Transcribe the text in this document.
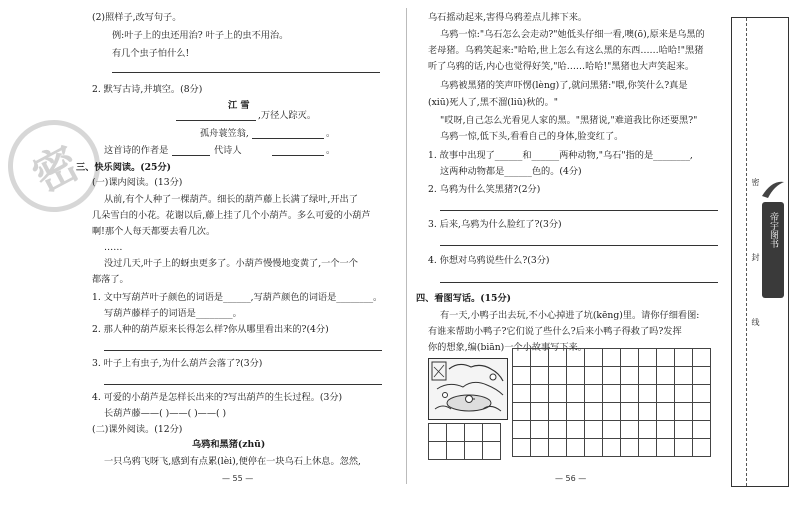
密
(2)照样子,改写句子。
例:叶子上的虫还用治? 叶子上的虫不用治。
有几个虫子怕什么!
2. 默写古诗,并填空。(8分)
江 雪
,万径人踪灭。
孤舟蓑笠翁,	。
这首诗的作者是	代诗人	。
三、快乐阅读。(25分)
(一)课内阅读。(13分)
从前,有个人种了一棵葫芦。细长的葫芦藤上长满了绿叶,开出了
几朵雪白的小花。花谢以后,藤上挂了几个小葫芦。多么可爱的小葫芦
啊!那个人每天都要去看几次。
……
没过几天,叶子上的蚜虫更多了。小葫芦慢慢地变黄了,一个一个
都落了。
1. 文中写葫芦叶子颜色的词语是______,写葫芦颜色的词语是________。
写葫芦藤样子的词语是________。
2. 那人种的葫芦原来长得怎么样?你从哪里看出来的?(4分)
3. 叶子上有虫子,为什么葫芦会落了?(3分)
4. 可爱的小葫芦是怎样长出来的?写出葫芦的生长过程。(3分)
长葫芦藤——( )——( )——( )
(二)课外阅读。(12分)
乌鸦和黑猪(zhū)
一只乌鸦飞呀飞,感到有点累(lèi),便停在一块乌石上休息。忽然,
— 55 —
乌石摇动起来,害得乌鸦差点儿摔下来。
乌鸦一惊:"乌石怎么会走动?"她低头仔细一看,噢(ō),原来是乌黑的
老母猪。乌鸦笑起来:"哈哈,世上怎么有这么黑的东西……哈哈!"黑猪
听了乌鸦的话,内心也觉得好笑,"哈……哈哈!"黑猪也大声笑起来。
乌鸦被黑猪的笑声吓愣(lèng)了,就问黑猪:"喂,你笑什么?真是
(xiū)死人了,黑不溜(liū)秋的。"
"哎呀,自己怎么光看见人家的黑。"黑猪说,"难道我比你还要黑?"
乌鸦一惊,低下头,看看自己的身体,脸变红了。
1. 故事中出现了______和______两种动物,"乌石"指的是________,
这两种动物都是______色的。(4分)
2. 乌鸦为什么笑黑猪?(2分)
3. 后来,乌鸦为什么脸红了?(3分)
4. 你想对乌鸦说些什么?(3分)
四、看图写话。(15分)
有一天,小鸭子出去玩,不小心掉进了坑(kēng)里。请你仔细看图:
有谁来帮助小鸭子?它们说了些什么?后来小鸭子得救了吗?发挥
你的想象,编(biān)一个小故事写下来。
— 56 —
密
封
线
帝宇图书
